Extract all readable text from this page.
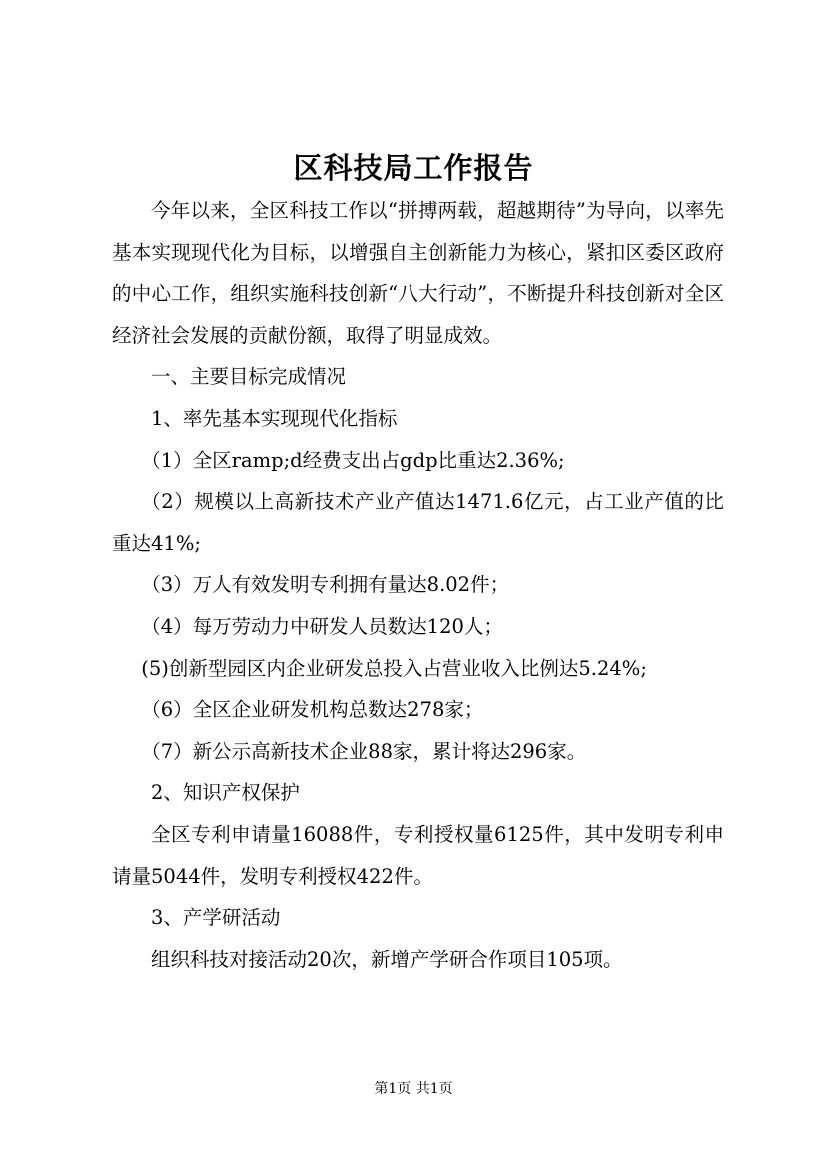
区科技局工作报告

今年以来，全区科技工作以“拼搏两载，超越期待”为导向，以率先基本实现现代化为目标，以增强自主创新能力为核心，紧扣区委区政府的中心工作，组织实施科技创新“八大行动”，不断提升科技创新对全区经济社会发展的贡献份额，取得了明显成效。

一、主要目标完成情况

1、率先基本实现现代化指标

（1）全区ramp;d经费支出占gdp比重达2.36%;

（2）规模以上高新技术产业产值达1471.6亿元，占工业产值的比重达41%;

（3）万人有效发明专利拥有量达8.02件；

（4）每万劳动力中研发人员数达120人；

(5)创新型园区内企业研发总投入占营业收入比例达5.24%;

（6）全区企业研发机构总数达278家；

（7）新公示高新技术企业88家，累计将达296家。

2、知识产权保护

全区专利申请量16088件，专利授权量6125件，其中发明专利申请量5044件，发明专利授权422件。

3、产学研活动

组织科技对接活动20次，新增产学研合作项目105项。

第1页 共1页
